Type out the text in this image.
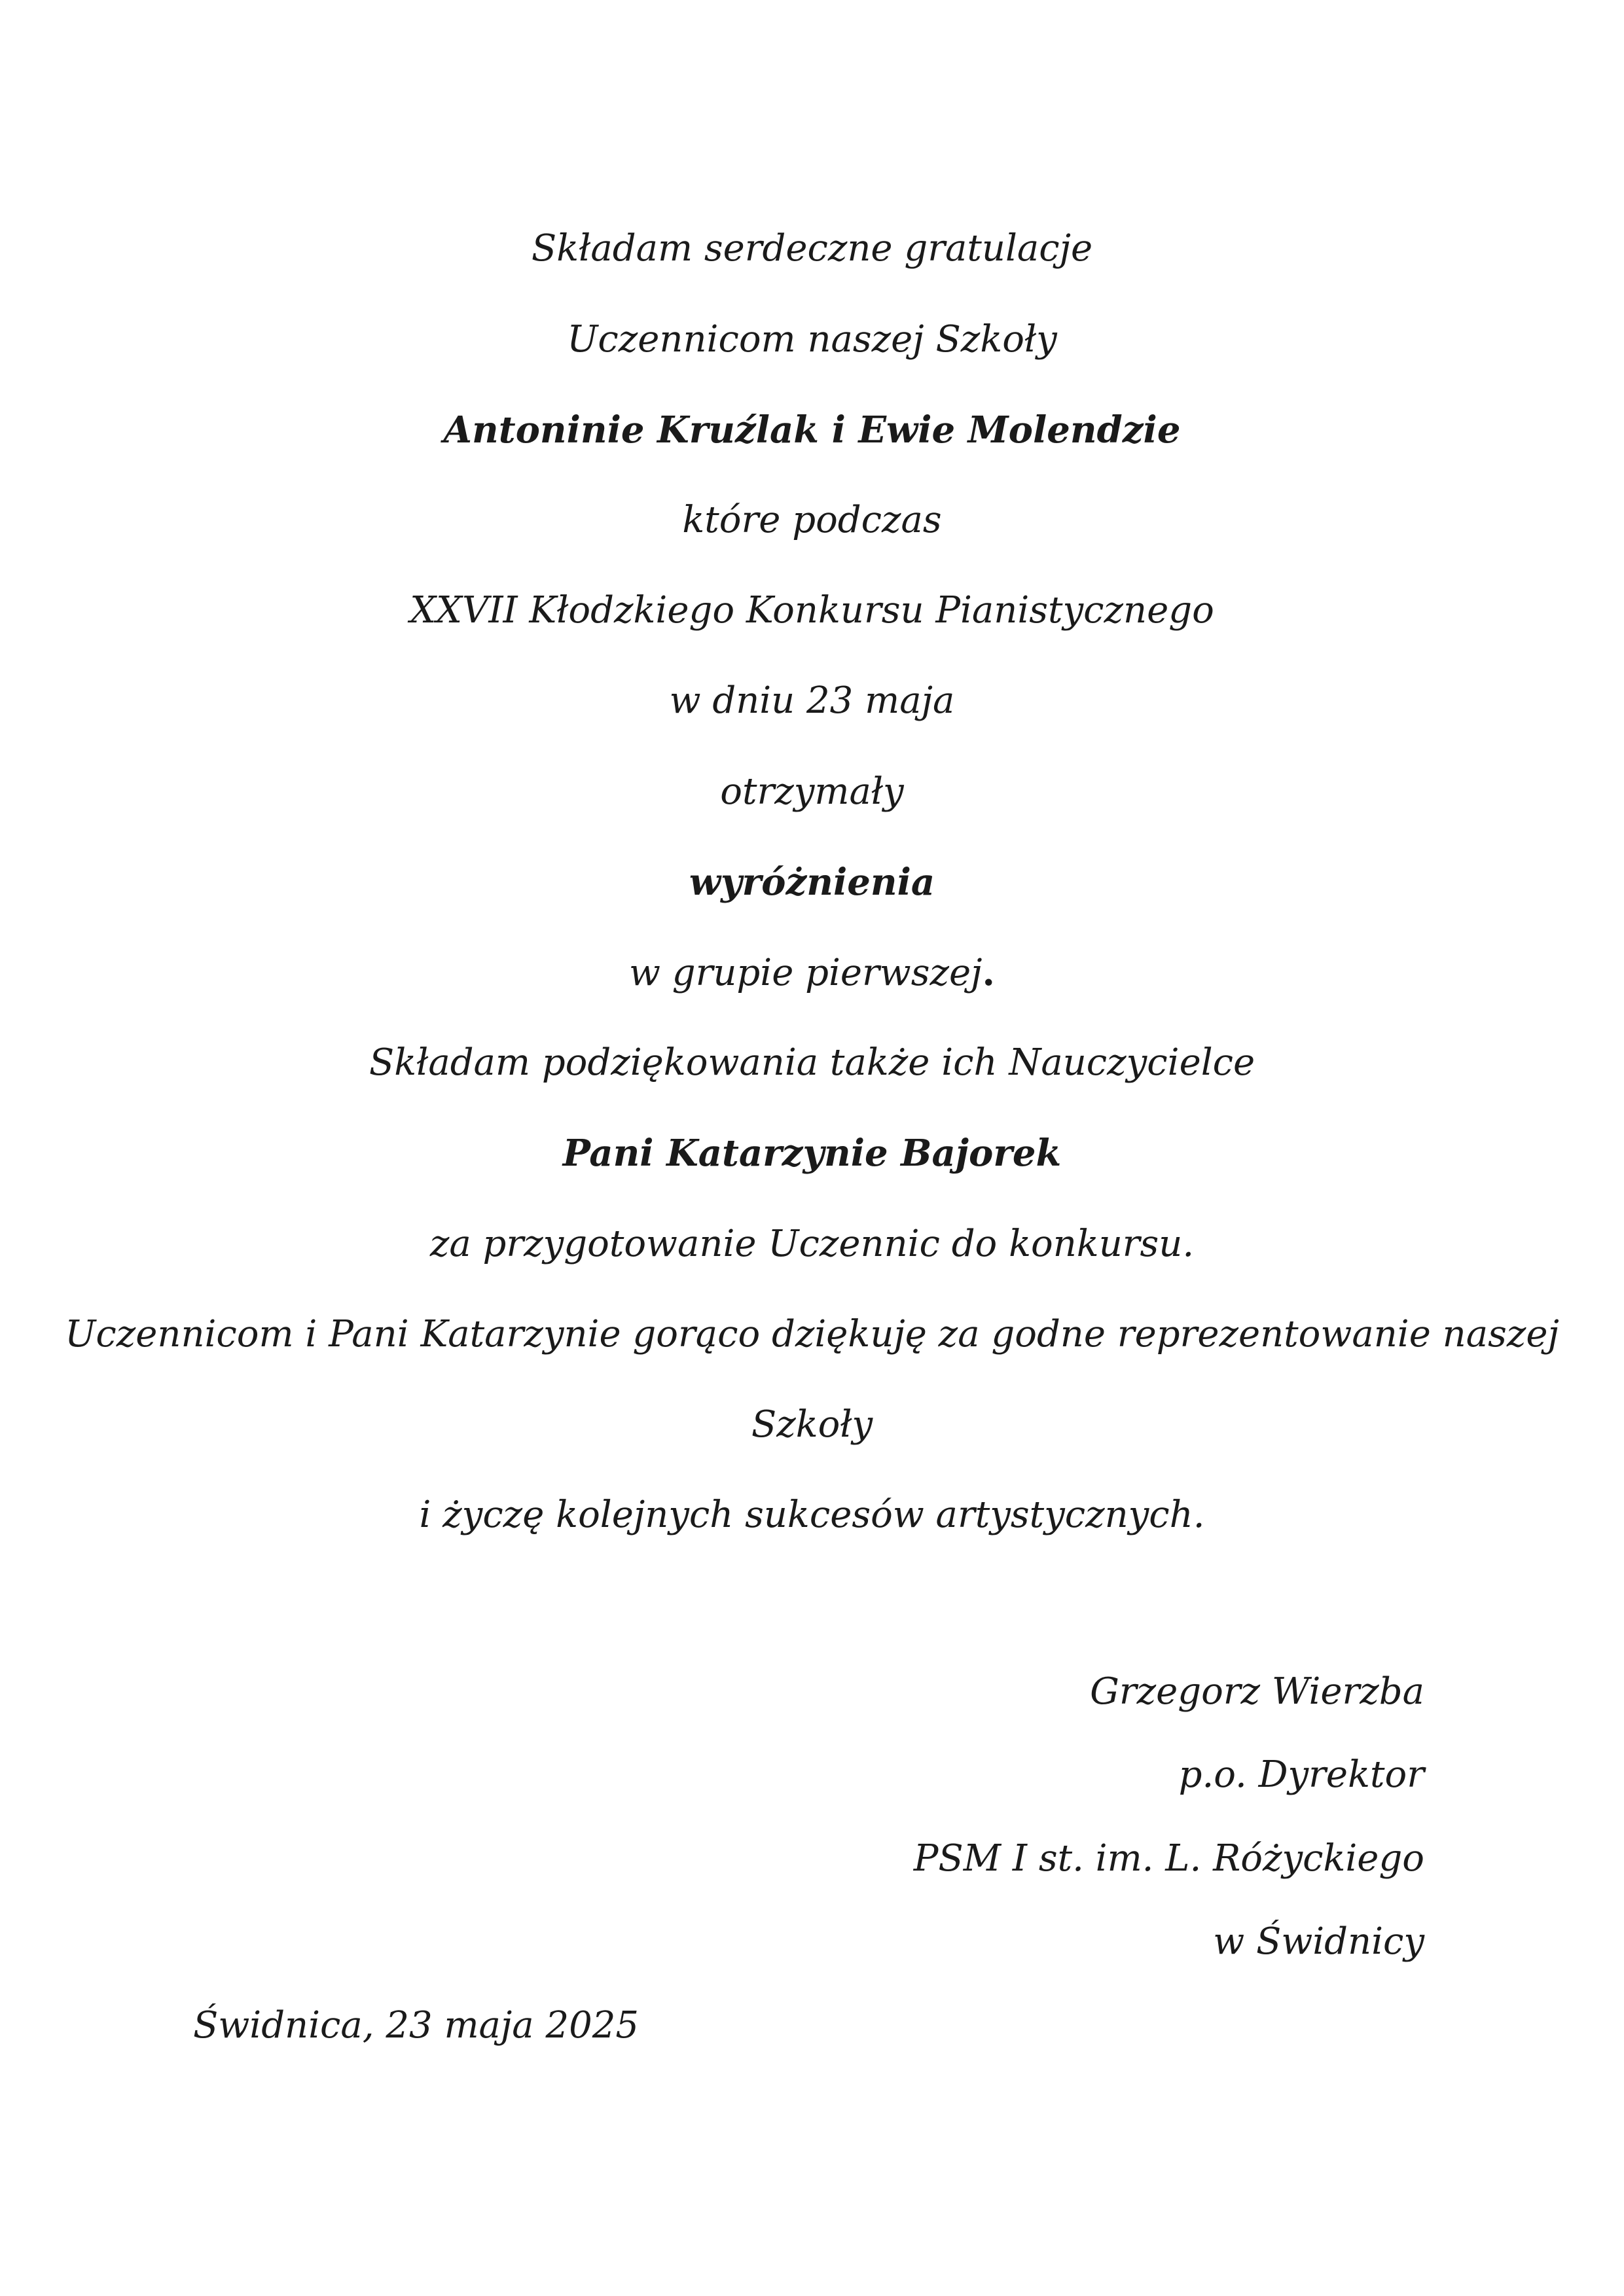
Składam serdeczne gratulacje
Uczennicom naszej Szkoły
Antoninie Kruźlak i Ewie Molendzie
które podczas
XXVII Kłodzkiego Konkursu Pianistycznego
w dniu 23 maja
otrzymały
wyróżnienia
w grupie pierwszej.
Składam podziękowania także ich Nauczycielce
Pani Katarzynie Bajorek
za przygotowanie Uczennic do konkursu.
Uczennicom i Pani Katarzynie gorąco dziękuję za godne reprezentowanie naszej
Szkoły
i życzę kolejnych sukcesów artystycznych.
Grzegorz Wierzba
p.o. Dyrektor
PSM I st. im. L. Różyckiego
w Świdnicy
Świdnica, 23 maja 2025
